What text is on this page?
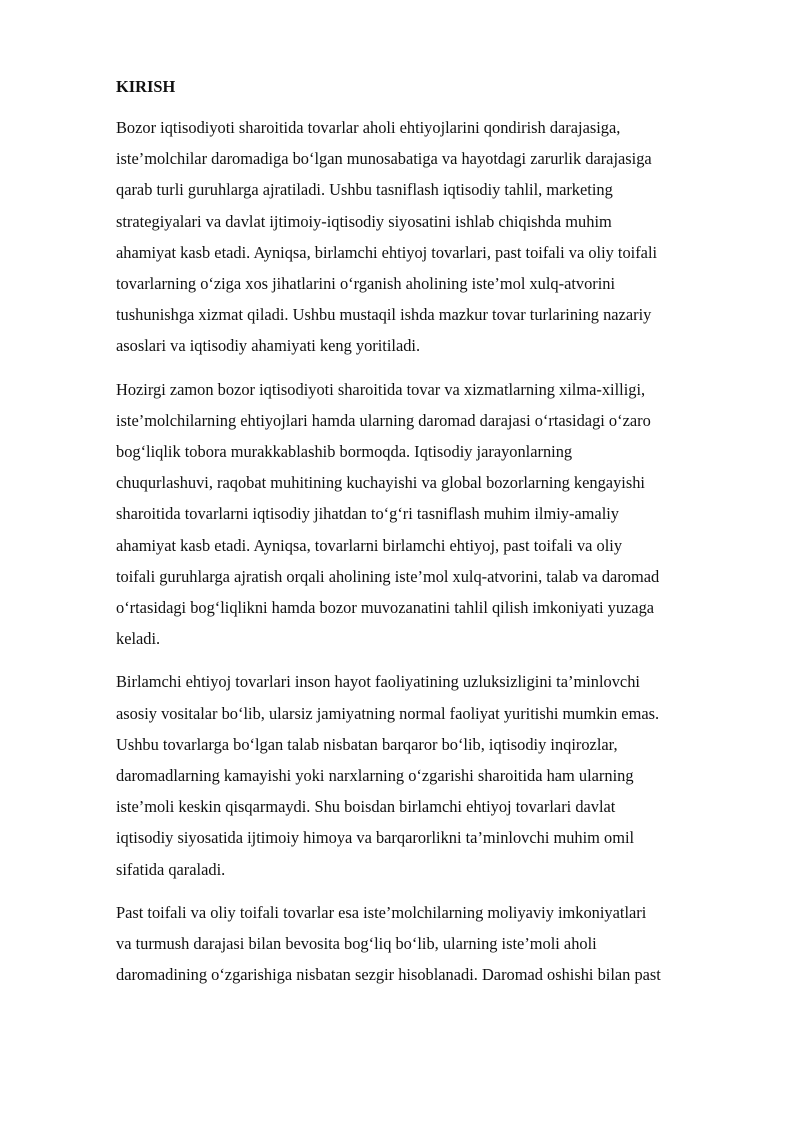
KIRISH
Bozor iqtisodiyoti sharoitida tovarlar aholi ehtiyojlarini qondirish darajasiga,
iste’molchilar daromadiga bo‘lgan munosabatiga va hayotdagi zarurlik darajasiga
qarab turli guruhlarga ajratiladi. Ushbu tasniflash iqtisodiy tahlil, marketing
strategiyalari va davlat ijtimoiy-iqtisodiy siyosatini ishlab chiqishda muhim
ahamiyat kasb etadi. Ayniqsa, birlamchi ehtiyoj tovarlari, past toifali va oliy toifali
tovarlarning o‘ziga xos jihatlarini o‘rganish aholining iste’mol xulq-atvorini
tushunishga xizmat qiladi. Ushbu mustaqil ishda mazkur tovar turlarining nazariy
asoslari va iqtisodiy ahamiyati keng yoritiladi.
Hozirgi zamon bozor iqtisodiyoti sharoitida tovar va xizmatlarning xilma-xilligi,
iste’molchilarning ehtiyojlari hamda ularning daromad darajasi o‘rtasidagi o‘zaro
bog‘liqlik tobora murakkablashib bormoqda. Iqtisodiy jarayonlarning
chuqurlashuvi, raqobat muhitining kuchayishi va global bozorlarning kengayishi
sharoitida tovarlarni iqtisodiy jihatdan to‘g‘ri tasniflash muhim ilmiy-amaliy
ahamiyat kasb etadi. Ayniqsa, tovarlarni birlamchi ehtiyoj, past toifali va oliy
toifali guruhlarga ajratish orqali aholining iste’mol xulq-atvorini, talab va daromad
o‘rtasidagi bog‘liqlikni hamda bozor muvozanatini tahlil qilish imkoniyati yuzaga
keladi.
Birlamchi ehtiyoj tovarlari inson hayot faoliyatining uzluksizligini ta’minlovchi
asosiy vositalar bo‘lib, ularsiz jamiyatning normal faoliyat yuritishi mumkin emas.
Ushbu tovarlarga bo‘lgan talab nisbatan barqaror bo‘lib, iqtisodiy inqirozlar,
daromadlarning kamayishi yoki narxlarning o‘zgarishi sharoitida ham ularning
iste’moli keskin qisqarmaydi. Shu boisdan birlamchi ehtiyoj tovarlari davlat
iqtisodiy siyosatida ijtimoiy himoya va barqarorlikni ta’minlovchi muhim omil
sifatida qaraladi.
Past toifali va oliy toifali tovarlar esa iste’molchilarning moliyaviy imkoniyatlari
va turmush darajasi bilan bevosita bog‘liq bo‘lib, ularning iste’moli aholi
daromadining o‘zgarishiga nisbatan sezgir hisoblanadi. Daromad oshishi bilan past
